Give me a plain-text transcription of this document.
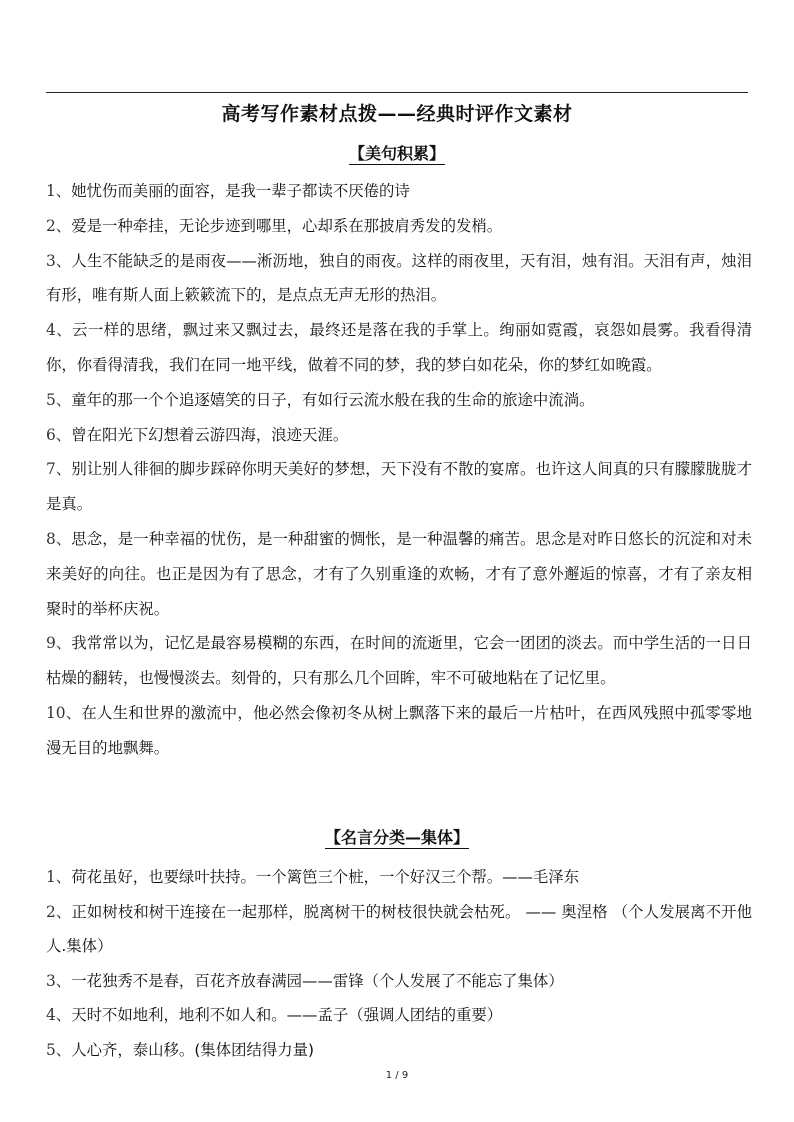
高考写作素材点拨——经典时评作文素材
【美句积累】
1、她忧伤而美丽的面容，是我一辈子都读不厌倦的诗
2、爱是一种牵挂，无论步迹到哪里，心却系在那披肩秀发的发梢。
3、人生不能缺乏的是雨夜——淅沥地，独自的雨夜。这样的雨夜里，天有泪，烛有泪。天泪有声，烛泪有形，唯有斯人面上簌簌流下的，是点点无声无形的热泪。
4、云一样的思绪，飘过来又飘过去，最终还是落在我的手掌上。绚丽如霓霞，哀怨如晨雾。我看得清你，你看得清我，我们在同一地平线，做着不同的梦，我的梦白如花朵，你的梦红如晚霞。
5、童年的那一个个追逐嬉笑的日子，有如行云流水般在我的生命的旅途中流淌。
6、曾在阳光下幻想着云游四海，浪迹天涯。
7、别让别人徘徊的脚步踩碎你明天美好的梦想，天下没有不散的宴席。也许这人间真的只有朦朦胧胧才是真。
8、思念，是一种幸福的忧伤，是一种甜蜜的惆怅，是一种温馨的痛苦。思念是对昨日悠长的沉淀和对未来美好的向往。也正是因为有了思念，才有了久别重逢的欢畅，才有了意外邂逅的惊喜，才有了亲友相聚时的举杯庆祝。
9、我常常以为，记忆是最容易模糊的东西，在时间的流逝里，它会一团团的淡去。而中学生活的一日日枯燥的翻转，也慢慢淡去。刻骨的，只有那么几个回眸，牢不可破地粘在了记忆里。
10、在人生和世界的激流中，他必然会像初冬从树上飘落下来的最后一片枯叶，在西风残照中孤零零地漫无目的地飘舞。
【名言分类—集体】
1、荷花虽好，也要绿叶扶持。一个篱笆三个桩，一个好汉三个帮。——毛泽东
2、正如树枝和树干连接在一起那样，脱离树干的树枝很快就会枯死。 —— 奥涅格 （个人发展离不开他人.集体）
3、一花独秀不是春，百花齐放春满园——雷锋（个人发展了不能忘了集体）
4、天时不如地利，地利不如人和。——孟子（强调人团结的重要）
5、人心齐，泰山移。(集体团结得力量)
1 / 9
